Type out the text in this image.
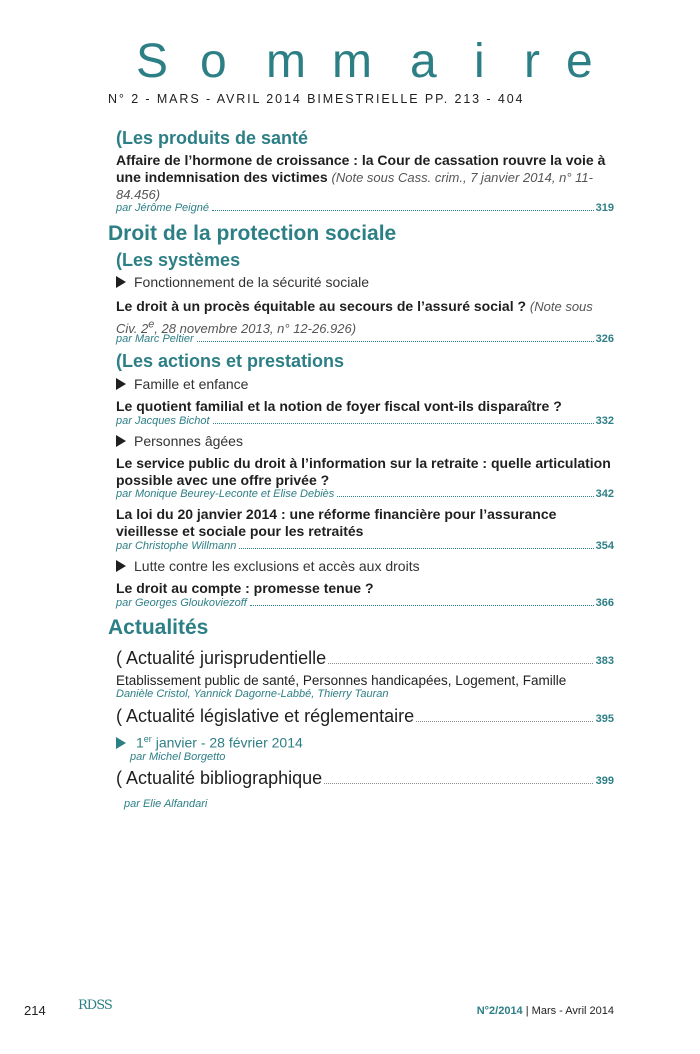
S o m m a i r e
N° 2 - MARS - AVRIL 2014 BIMESTRIELLE PP. 213 - 404
(Les produits de santé
Affaire de l’hormone de croissance : la Cour de cassation rouvre la voie à une indemnisation des victimes (Note sous Cass. crim., 7 janvier 2014, n° 11-84.456)
par Jérôme Peigné	319
Droit de la protection sociale
(Les systèmes
Fonctionnement de la sécurité sociale
Le droit à un procès équitable au secours de l’assuré social ? (Note sous Civ. 2e, 28 novembre 2013, n° 12-26.926)
par Marc Peltier	326
(Les actions et prestations
Famille et enfance
Le quotient familial et la notion de foyer fiscal vont-ils disparaître ?
par Jacques Bichot	332
Personnes âgées
Le service public du droit à l’information sur la retraite : quelle articulation possible avec une offre privée ?
par Monique Beurey-Leconte et Elise Debiès	342
La loi du 20 janvier 2014 : une réforme financière pour l’assurance vieillesse et sociale pour les retraités
par Christophe Willmann	354
Lutte contre les exclusions et accès aux droits
Le droit au compte : promesse tenue ?
par Georges Gloukoviezoff	366
Actualités
( Actualité jurisprudentielle	383
Etablissement public de santé, Personnes handicapées, Logement, Famille
Danièle Cristol, Yannick Dagorne-Labbé, Thierry Tauran
( Actualité législative et réglementaire	395
1er janvier - 28 février 2014
par Michel Borgetto
( Actualité bibliographique	399
par Elie Alfandari
214 RDSS	N°2/2014 | Mars - Avril 2014
